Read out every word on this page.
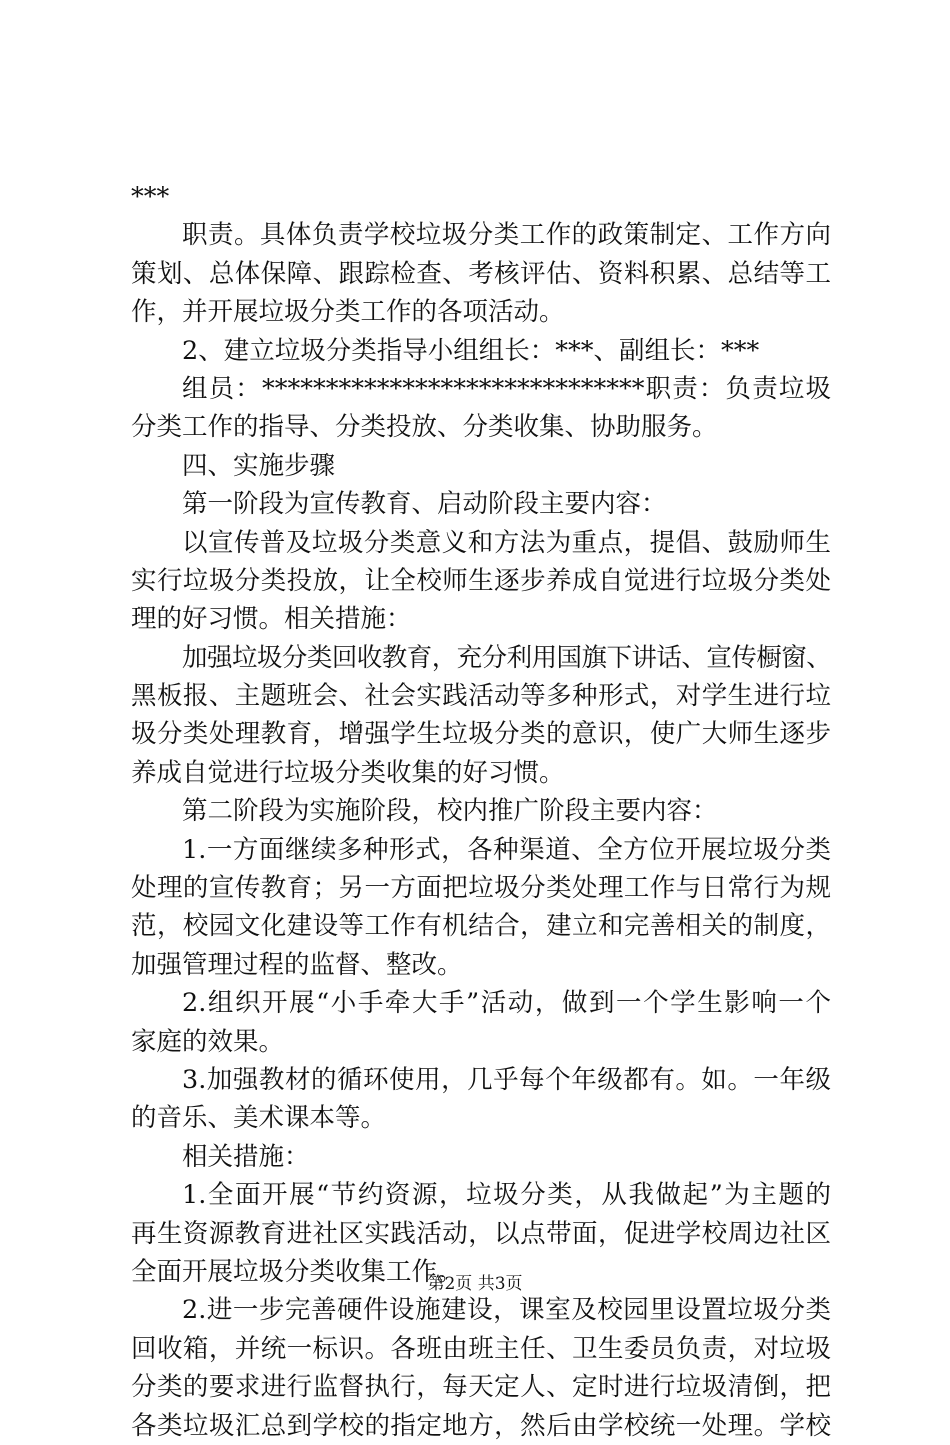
***
职责。具体负责学校垃圾分类工作的政策制定、工作方向
策划、总体保障、跟踪检查、考核评估、资料积累、总结等工
作，并开展垃圾分类工作的各项活动。
2、建立垃圾分类指导小组组长：***、副组长：***
组员：******************************职责：负责垃圾
分类工作的指导、分类投放、分类收集、协助服务。
四、实施步骤
第一阶段为宣传教育、启动阶段主要内容：
以宣传普及垃圾分类意义和方法为重点，提倡、鼓励师生
实行垃圾分类投放，让全校师生逐步养成自觉进行垃圾分类处
理的好习惯。相关措施：
加强垃圾分类回收教育，充分利用国旗下讲话、宣传橱窗、
黑板报、主题班会、社会实践活动等多种形式，对学生进行垃
圾分类处理教育，增强学生垃圾分类的意识，使广大师生逐步
养成自觉进行垃圾分类收集的好习惯。
第二阶段为实施阶段，校内推广阶段主要内容：
1.一方面继续多种形式，各种渠道、全方位开展垃圾分类
处理的宣传教育；另一方面把垃圾分类处理工作与日常行为规
范，校园文化建设等工作有机结合，建立和完善相关的制度，
加强管理过程的监督、整改。
2.组织开展“小手牵大手”活动，做到一个学生影响一个
家庭的效果。
3.加强教材的循环使用，几乎每个年级都有。如。一年级
的音乐、美术课本等。
相关措施：
1.全面开展“节约资源，垃圾分类，从我做起”为主题的
再生资源教育进社区实践活动，以点带面，促进学校周边社区
全面开展垃圾分类收集工作。
2.进一步完善硬件设施建设，课室及校园里设置垃圾分类
回收箱，并统一标识。各班由班主任、卫生委员负责，对垃圾
分类的要求进行监督执行，每天定人、定时进行垃圾清倒，把
各类垃圾汇总到学校的指定地方，然后由学校统一处理。学校
第2页 共3页
